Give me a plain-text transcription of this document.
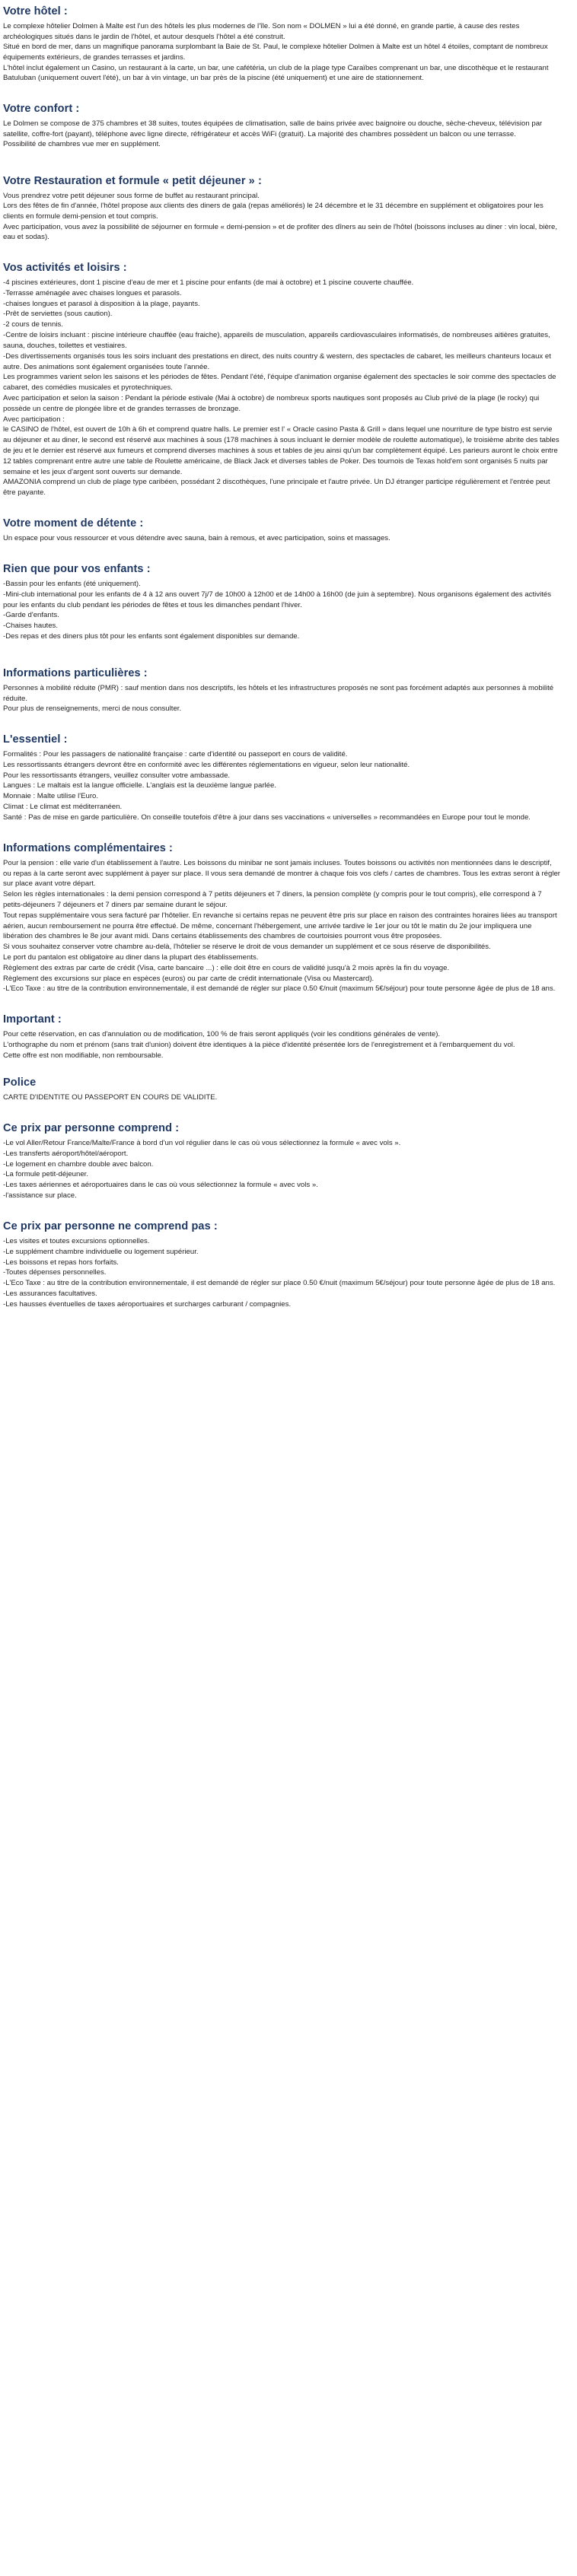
Votre hôtel :

Le complexe hôtelier Dolmen à Malte est l'un des hôtels les plus modernes de l'île. Son nom « DOLMEN » lui a été donné, en grande partie, à cause des restes archéologiques situés dans le jardin de l'hôtel, et autour desquels l'hôtel a été construit.

Situé en bord de mer, dans un magnifique panorama surplombant la Baie de St. Paul, le complexe hôtelier Dolmen à Malte est un hôtel 4 étoiles, comptant de nombreux équipements extérieurs, de grandes terrasses et jardins.

L'hôtel inclut également un Casino, un restaurant à la carte, un bar, une cafétéria, un club de la plage type Caraïbes comprenant un bar, une discothèque et le restaurant Batuluban (uniquement ouvert l'été), un bar à vin vintage, un bar près de la piscine (été uniquement) et une aire de stationnement.

Votre confort :

Le Dolmen se compose de 375 chambres et 38 suites, toutes équipées de climatisation, salle de bains privée avec baignoire ou douche, sèche-cheveux, télévision par satellite, coffre-fort (payant), téléphone avec ligne directe, réfrigérateur et accès WiFi (gratuit). La majorité des chambres possèdent un balcon ou une terrasse.

Possibilité de chambres vue mer en supplément.

Votre Restauration et formule « petit déjeuner » :

Vous prendrez votre petit déjeuner sous forme de buffet au restaurant principal.

Lors des fêtes de fin d'année, l'hôtel propose aux clients des diners de gala (repas améliorés) le 24 décembre et le 31 décembre en supplément et obligatoires pour les clients en formule demi-pension et tout compris.

Avec participation, vous avez la possibilité de séjourner en formule « demi-pension » et de profiter des dîners au sein de l'hôtel (boissons incluses au diner : vin local, bière, eau et sodas).

Vos activités et loisirs :
-4 piscines extérieures, dont 1 piscine d'eau de mer et 1 piscine pour enfants (de mai à octobre) et 1 piscine couverte chauffée.
-Terrasse aménagée avec chaises longues et parasols.
-chaises longues et parasol à disposition à la plage, payants.
-Prêt de serviettes (sous caution).
-2 cours de tennis.
-Centre de loisirs incluant : piscine intérieure chauffée (eau fraiche), appareils de musculation, appareils cardiovasculaires informatisés, de nombreuses aitières gratuites, sauna, douches, toilettes et vestiaires.
-Des divertissements organisés tous les soirs incluant des prestations en direct, des nuits country & western, des spectacles de cabaret, les meilleurs chanteurs locaux et autre. Des animations sont également organisées toute l'année.
Les programmes varient selon les saisons et les périodes de fêtes. Pendant l'été, l'équipe d'animation organise également des spectacles le soir comme des spectacles de cabaret, des comédies musicales et pyrotechniques.
Avec participation et selon la saison : Pendant la période estivale (Mai à octobre) de nombreux sports nautiques sont proposés au Club privé de la plage (le rocky) qui possède un centre de plongée libre et de grandes terrasses de bronzage.
Avec participation :
le CASINO de l'hôtel, est ouvert de 10h à 6h et comprend quatre halls. Le premier est l' « Oracle casino Pasta & Grill » dans lequel une nourriture de type bistro est servie au déjeuner et au diner, le second est réservé aux machines à sous (178 machines à sous incluant le dernier modèle de roulette automatique), le troisième abrite des tables de jeu et le dernier est réservé aux fumeurs et comprend diverses machines à sous et tables de jeu ainsi qu'un bar complètement équipé. Les parieurs auront le choix entre 12 tables comprenant entre autre une table de Roulette américaine, de Black Jack et diverses tables de Poker. Des tournois de Texas hold'em sont organisés 5 nuits par semaine et les jeux d'argent sont ouverts sur demande.
AMAZONIA comprend un club de plage type caribéen, possédant 2 discothèques, l'une principale et l'autre privée. Un DJ étranger participe régulièrement et l'entrée peut être payante.
Votre moment de détente :

Un espace pour vous ressourcer et vous détendre avec sauna, bain à remous, et avec participation, soins et massages.

Rien que pour vos enfants :
-Bassin pour les enfants (été uniquement).
-Mini-club international pour les enfants de 4 à 12 ans ouvert 7j/7 de 10h00 à 12h00 et de 14h00 à 16h00 (de juin à septembre). Nous organisons également des activités pour les enfants du club pendant les périodes de fêtes et tous les dimanches pendant l'hiver.
-Garde d'enfants.
-Chaises hautes.
-Des repas et des diners plus tôt pour les enfants sont également disponibles sur demande.
Informations particulières :

Personnes à mobilité réduite (PMR) : sauf mention dans nos descriptifs, les hôtels et les infrastructures proposés ne sont pas forcément adaptés aux personnes à mobilité réduite.

Pour plus de renseignements, merci de nous consulter.

L'essentiel :
Formalités : Pour les passagers de nationalité française : carte d'identité ou passeport en cours de validité.
Les ressortissants étrangers devront être en conformité avec les différentes réglementations en vigueur, selon leur nationalité.
Pour les ressortissants étrangers, veuillez consulter votre ambassade.
Langues : Le maltais est la langue officielle. L'anglais est la deuxième langue parlée.
Monnaie : Malte utilise l'Euro.
Climat : Le climat est méditerranéen.
Santé : Pas de mise en garde particulière. On conseille toutefois d'être à jour dans ses vaccinations « universelles » recommandées en Europe pour tout le monde.
Informations complémentaires :
Pour la pension : elle varie d'un établissement à l'autre. Les boissons du minibar ne sont jamais incluses. Toutes boissons ou activités non mentionnées dans le descriptif, ou repas à la carte seront avec supplément à payer sur place. Il vous sera demandé de montrer à chaque fois vos clefs / cartes de chambres. Tous les extras seront à régler sur place avant votre départ.
Selon les règles internationales : la demi pension correspond à 7 petits déjeuners et 7 diners, la pension complète (y compris pour le tout compris), elle correspond à 7 petits-déjeuners 7 déjeuners et 7 diners par semaine durant le séjour.
Tout repas supplémentaire vous sera facturé par l'hôtelier. En revanche si certains repas ne peuvent être pris sur place en raison des contraintes horaires liées au transport aérien, aucun remboursement ne pourra être effectué. De même, concernant l'hébergement, une arrivée tardive le 1er jour ou tôt le matin du 2e jour impliquera une libération des chambres le 8e jour avant midi. Dans certains établissements des chambres de courtoisies pourront vous être proposées.
Si vous souhaitez conserver votre chambre au-delà, l'hôtelier se réserve le droit de vous demander un supplément et ce sous réserve de disponibilités.
Le port du pantalon est obligatoire au diner dans la plupart des établissements.
Règlement des extras par carte de crédit (Visa, carte bancaire ...) : elle doit être en cours de validité jusqu'à 2 mois après la fin du voyage.
Règlement des excursions sur place en espèces (euros) ou par carte de crédit internationale (Visa ou Mastercard).
-L'Eco Taxe : au titre de la contribution environnementale, il est demandé de régler sur place 0.50 €/nuit (maximum 5€/séjour) pour toute personne âgée de plus de 18 ans.
Important :
Pour cette réservation, en cas d'annulation ou de modification, 100 % de frais seront appliqués (voir les conditions générales de vente).
L'orthographe du nom et prénom (sans trait d'union) doivent être identiques à la pièce d'identité présentée lors de l'enregistrement et à l'embarquement du vol.
Cette offre est non modifiable, non remboursable.
Police
CARTE D'IDENTITE OU PASSEPORT EN COURS DE VALIDITE.
Ce prix par personne comprend :
-Le vol Aller/Retour France/Malte/France à bord d'un vol régulier dans le cas où vous sélectionnez la formule « avec vols ».
-Les transferts aéroport/hôtel/aéroport.
-Le logement en chambre double avec balcon.
-La formule petit-déjeuner.
-Les taxes aériennes et aéroportuaires dans le cas où vous sélectionnez la formule « avec vols ».
-l'assistance sur place.
Ce prix par personne ne comprend pas :
-Les visites et toutes excursions optionnelles.
-Le supplément chambre individuelle ou logement supérieur.
-Les boissons et repas hors forfaits.
-Toutes dépenses personnelles.
-L'Eco Taxe : au titre de la contribution environnementale, il est demandé de régler sur place 0.50 €/nuit (maximum 5€/séjour) pour toute personne âgée de plus de 18 ans.
-Les assurances facultatives.
-Les hausses éventuelles de taxes aéroportuaires et surcharges carburant / compagnies.
